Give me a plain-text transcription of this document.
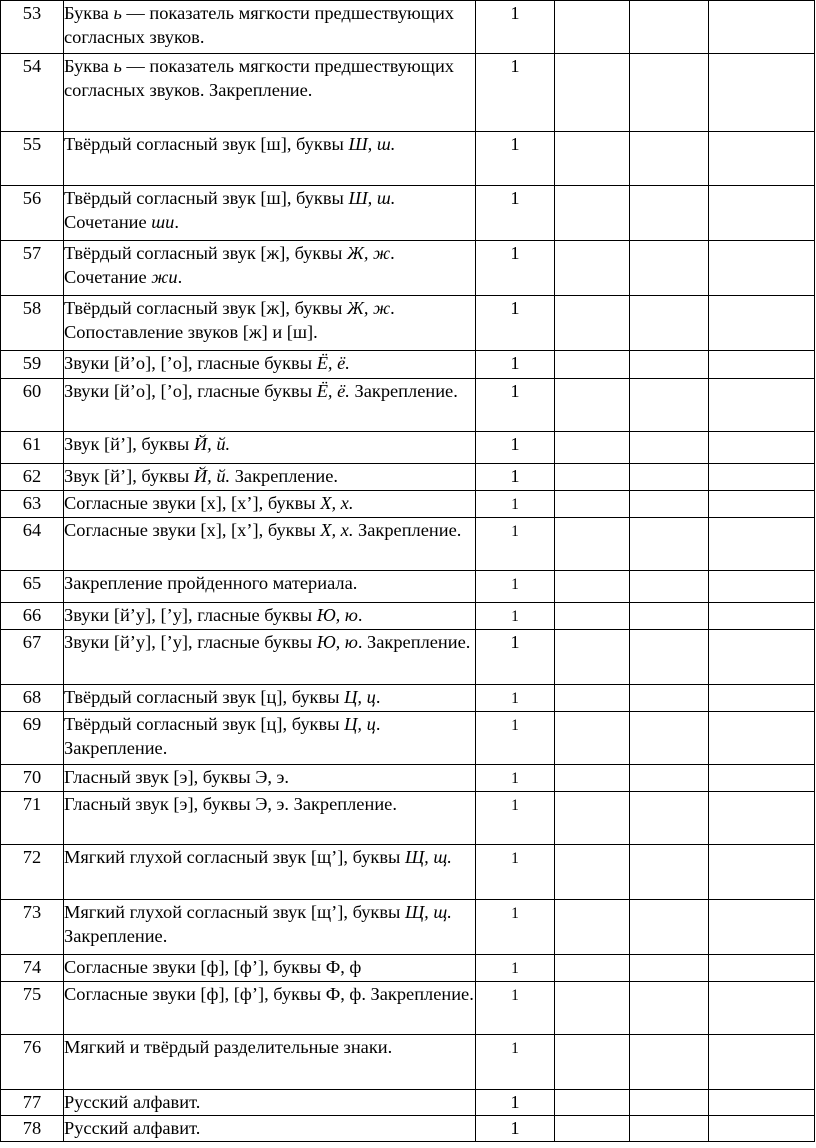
53	Буква ь — показатель мягкости предшествующих согласных звуков.	1			
54	Буква ь — показатель мягкости предшествующих согласных звуков. Закрепление.	1			
55	Твёрдый согласный звук [ш], буквы Ш, ш.	1			
56	Твёрдый согласный звук [ш], буквы Ш, ш. Сочетание ши.	1			
57	Твёрдый согласный звук [ж], буквы Ж, ж. Сочетание жи.	1			
58	Твёрдый согласный звук [ж], буквы Ж, ж. Сопоставление звуков [ж] и [ш].	1			
59	Звуки [й’о], [’о], гласные буквы Ё, ё.	1			
60	Звуки [й’о], [’о], гласные буквы Ё, ё. Закрепление.	1			
61	Звук [й’], буквы Й, й.	1			
62	Звук [й’], буквы Й, й. Закрепление.	1			
63	Согласные звуки [х], [х’], буквы Х, х.	1			
64	Согласные звуки [х], [х’], буквы Х, х. Закрепление.	1			
65	Закрепление пройденного материала.	1			
66	Звуки [й’у], [’у], гласные буквы Ю, ю.	1			
67	Звуки [й’у], [’у], гласные буквы Ю, ю. Закрепление.	1			
68	Твёрдый согласный звук [ц], буквы Ц, ц.	1			
69	Твёрдый согласный звук [ц], буквы Ц, ц. Закрепление.	1			
70	Гласный звук [э], буквы Э, э.	1			
71	Гласный звук [э], буквы Э, э. Закрепление.	1			
72	Мягкий глухой согласный звук [щ’], буквы Щ, щ.	1			
73	Мягкий глухой согласный звук [щ’], буквы Щ, щ. Закрепление.	1			
74	Согласные звуки [ф], [ф’], буквы Ф, ф	1			
75	Согласные звуки [ф], [ф’], буквы Ф, ф. Закрепление.	1			
76	Мягкий и твёрдый разделительные знаки.	1			
77	Русский алфавит.	1			
78	Русский алфавит.	1			
